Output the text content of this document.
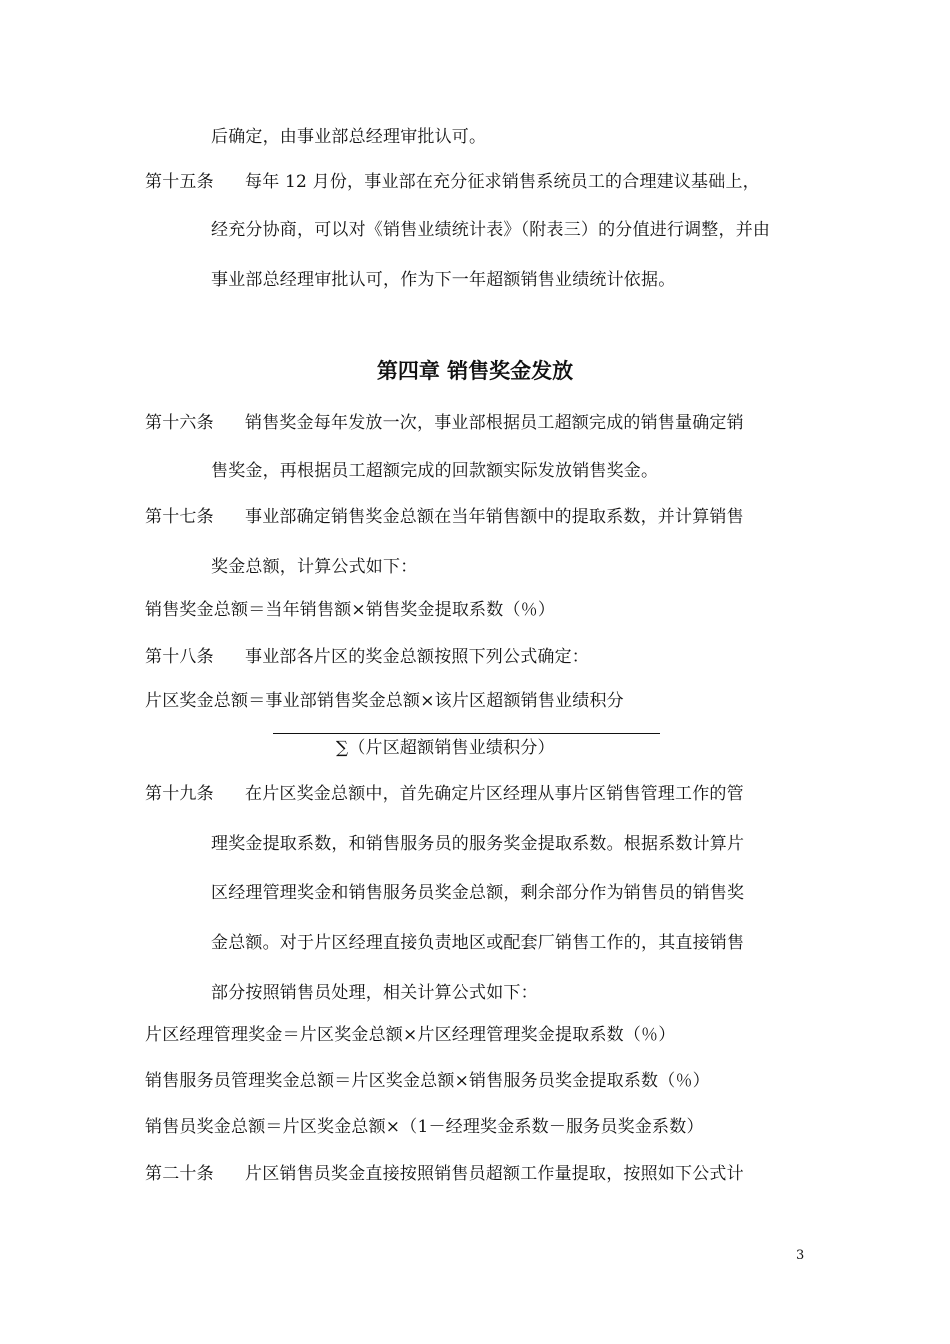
后确定，由事业部总经理审批认可。
第十五条 每年 12 月份，事业部在充分征求销售系统员工的合理建议基础上，
经充分协商，可以对《销售业绩统计表》（附表三）的分值进行调整，并由
事业部总经理审批认可，作为下一年超额销售业绩统计依据。
第四章 销售奖金发放
第十六条 销售奖金每年发放一次，事业部根据员工超额完成的销售量确定销
售奖金，再根据员工超额完成的回款额实际发放销售奖金。
第十七条 事业部确定销售奖金总额在当年销售额中的提取系数，并计算销售
奖金总额，计算公式如下：
销售奖金总额＝当年销售额×销售奖金提取系数（％）
第十八条 事业部各片区的奖金总额按照下列公式确定：
片区奖金总额＝事业部销售奖金总额×该片区超额销售业绩积分
∑（片区超额销售业绩积分）
第十九条 在片区奖金总额中，首先确定片区经理从事片区销售管理工作的管
理奖金提取系数，和销售服务员的服务奖金提取系数。根据系数计算片
区经理管理奖金和销售服务员奖金总额，剩余部分作为销售员的销售奖
金总额。对于片区经理直接负责地区或配套厂销售工作的，其直接销售
部分按照销售员处理，相关计算公式如下：
片区经理管理奖金＝片区奖金总额×片区经理管理奖金提取系数（％）
销售服务员管理奖金总额＝片区奖金总额×销售服务员奖金提取系数（％）
销售员奖金总额＝片区奖金总额×（1－经理奖金系数－服务员奖金系数）
第二十条 片区销售员奖金直接按照销售员超额工作量提取，按照如下公式计
3
